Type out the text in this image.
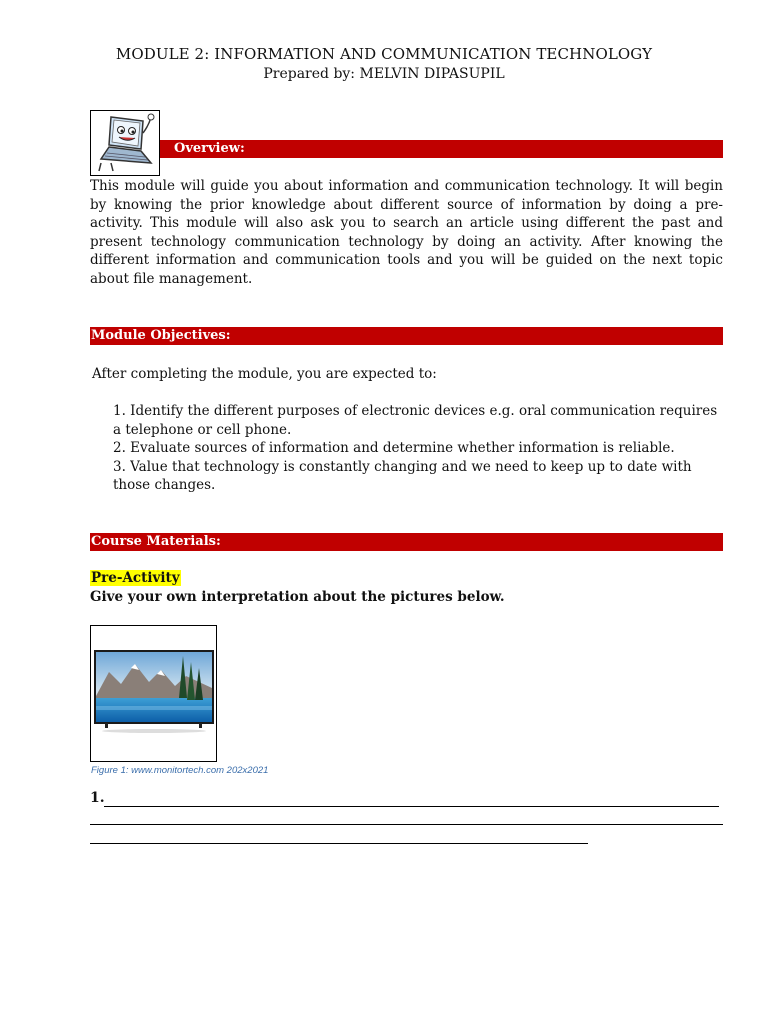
MODULE 2: INFORMATION AND COMMUNICATION TECHNOLOGY
Prepared by: MELVIN DIPASUPIL
Overview:
This module will guide you about information and communication technology. It will begin by knowing the prior knowledge about different source of information by doing a pre-activity. This module will also ask you to search an article using different the past and present technology communication technology by doing an activity. After knowing the different information and communication tools and you will be guided on the next topic about file management.
Module Objectives:
After completing the module, you are expected to:
1. Identify the different purposes of electronic devices e.g. oral communication requires a telephone or cell phone.
2. Evaluate sources of information and determine whether information is reliable.
3. Value that technology is constantly changing and we need to keep up to date with those changes.
Course Materials:
Pre-Activity
Give your own interpretation about the pictures below.
Figure 1: www.monitortech.com 202x2021
1.
